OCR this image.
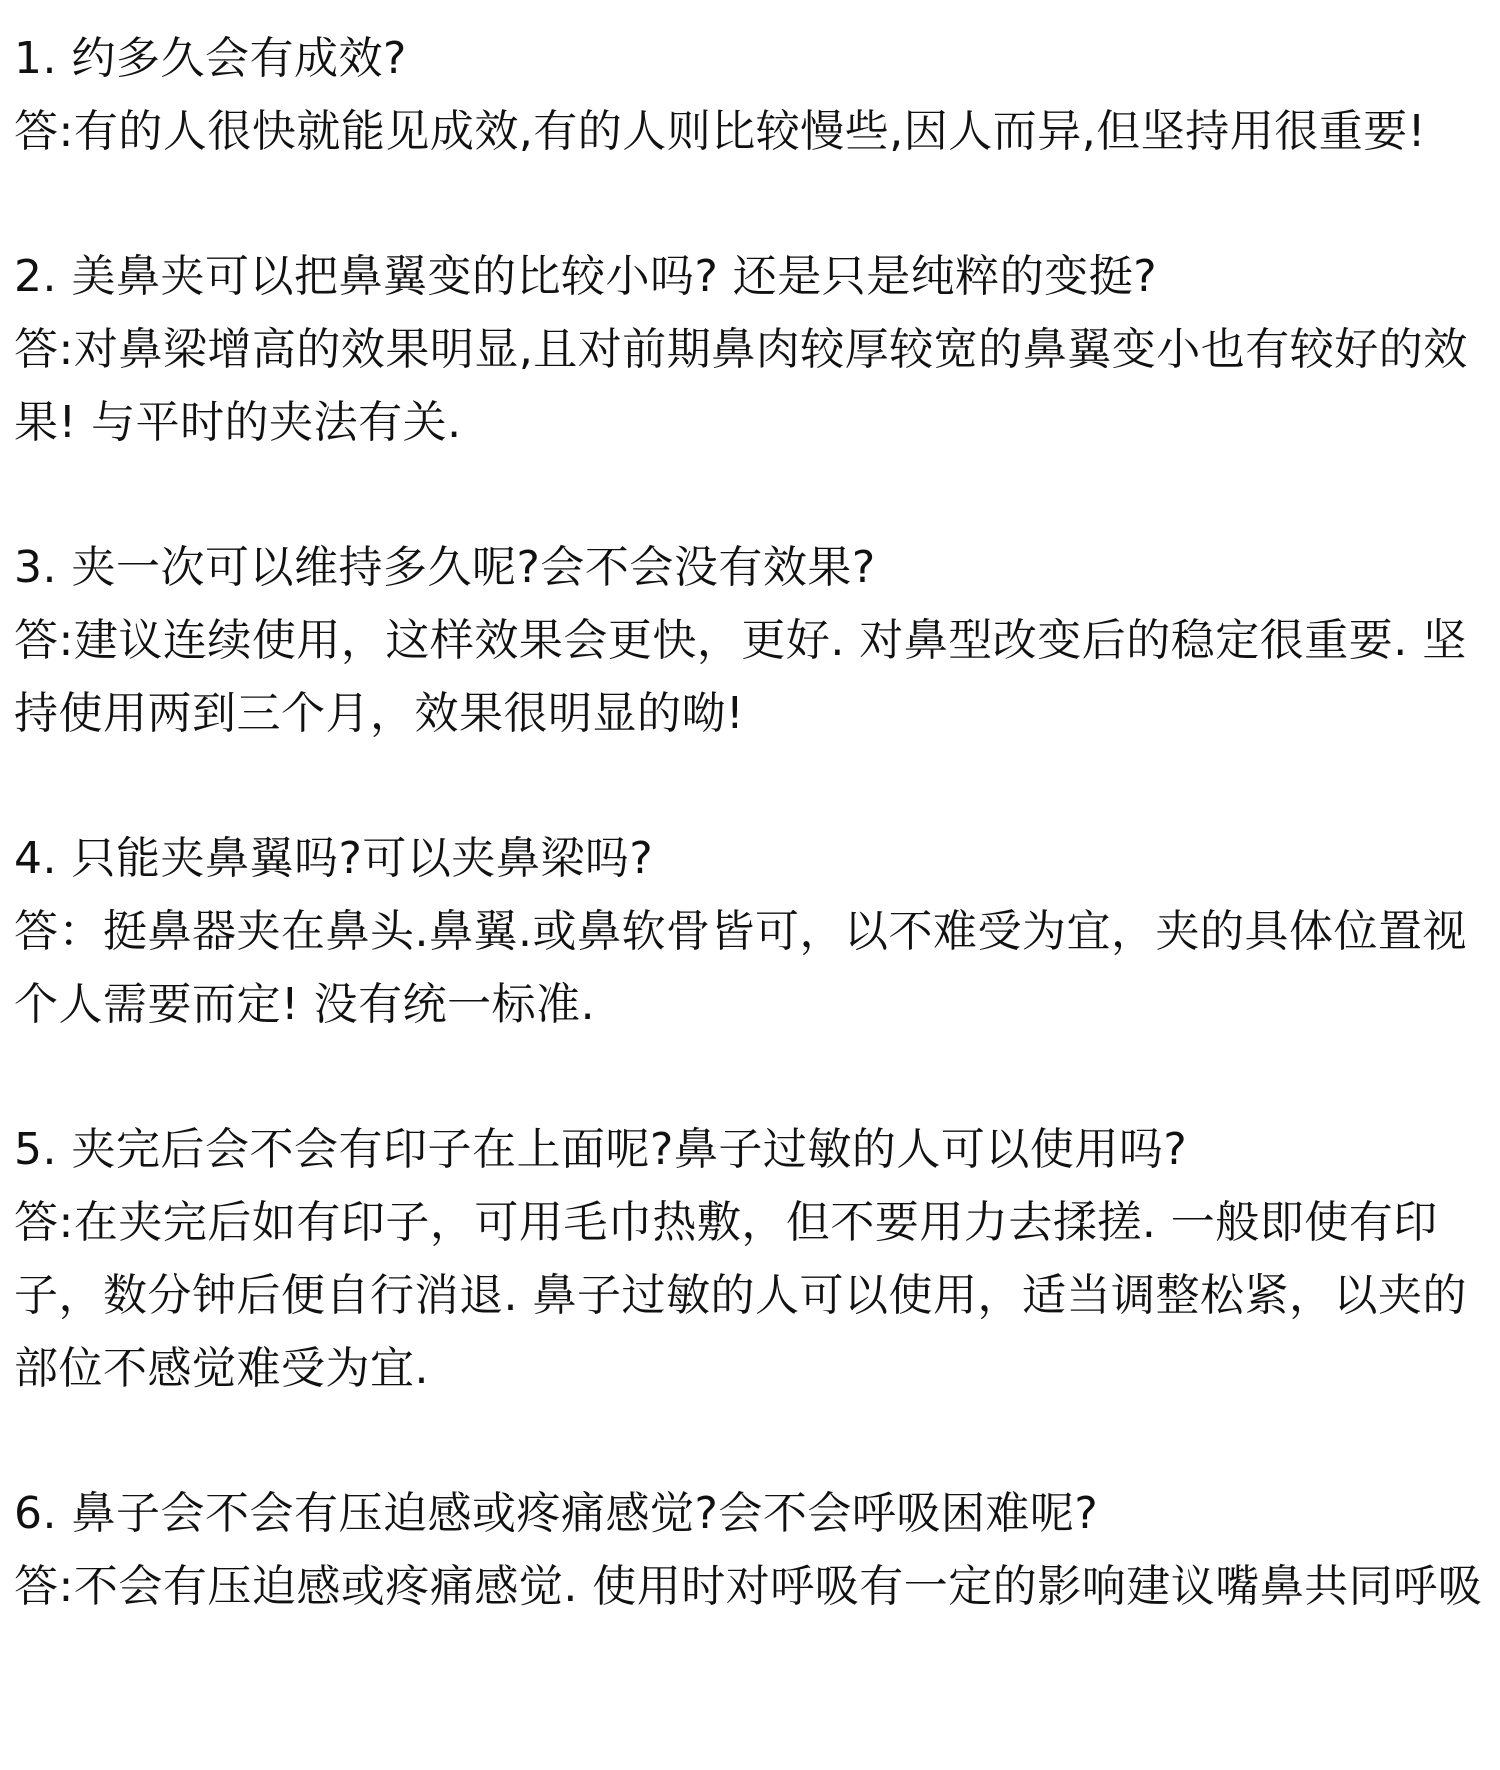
1. 约多久会有成效?
答:有的人很快就能见成效,有的人则比较慢些,因人而异,但坚持用很重要!
2. 美鼻夹可以把鼻翼变的比较小吗? 还是只是纯粹的变挺?
答:对鼻梁增高的效果明显,且对前期鼻肉较厚较宽的鼻翼变小也有较好的效果! 与平时的夹法有关.
3. 夹一次可以维持多久呢?会不会没有效果?
答:建议连续使用，这样效果会更快，更好. 对鼻型改变后的稳定很重要. 坚持使用两到三个月，效果很明显的呦!
4. 只能夹鼻翼吗?可以夹鼻梁吗?
答：挺鼻器夹在鼻头.鼻翼.或鼻软骨皆可，以不难受为宜，夹的具体位置视个人需要而定! 没有统一标准.
5. 夹完后会不会有印子在上面呢?鼻子过敏的人可以使用吗?
答:在夹完后如有印子，可用毛巾热敷，但不要用力去揉搓. 一般即使有印子，数分钟后便自行消退. 鼻子过敏的人可以使用，适当调整松紧，以夹的部位不感觉难受为宜.
6. 鼻子会不会有压迫感或疼痛感觉?会不会呼吸困难呢?
答:不会有压迫感或疼痛感觉. 使用时对呼吸有一定的影响建议嘴鼻共同呼吸
